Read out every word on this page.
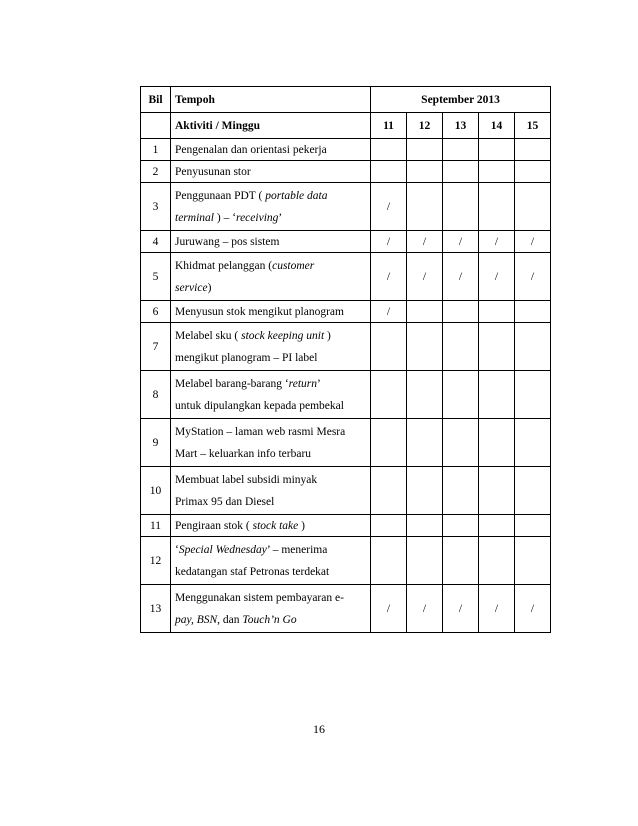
Bil	Tempoh	September 2013				
	Aktiviti / Minggu	11	12	13	14	15
1	Pengenalan dan orientasi pekerja					

2	Penyusunan stor					

3	Penggunaan PDT ( portable data
terminal ) – ‘receiving’	/				
4	Juruwang – pos sistem	/	/	/	/	/
5	Khidmat pelanggan (customer
service)	/	/	/	/	/
6	Menyusun stok mengikut planogram	/				
7	Melabel sku ( stock keeping unit )
mengikut planogram – PI label					

8	Melabel barang-barang ‘return’
untuk dipulangkan kepada pembekal					

9	MyStation – laman web rasmi Mesra
Mart – keluarkan info terbaru					

10	Membuat label subsidi minyak
Primax 95 dan Diesel					

11	Pengiraan stok ( stock take )					

12	‘Special Wednesday’ – menerima
kedatangan staf Petronas terdekat					

13	Menggunakan sistem pembayaran e-
pay, BSN, dan Touch’n Go	/	/	/	/	/
16
